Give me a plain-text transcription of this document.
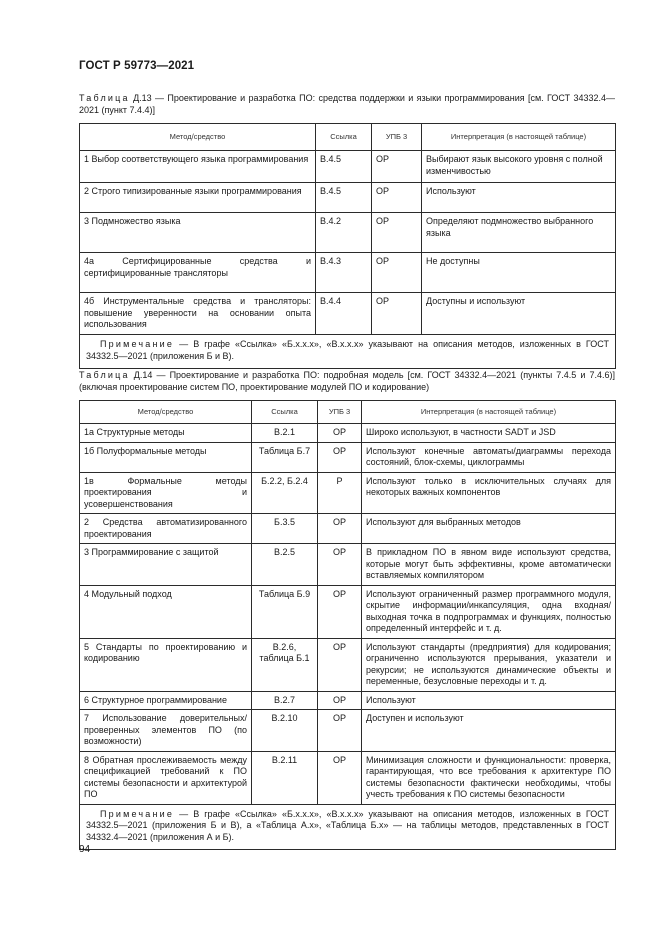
ГОСТ Р 59773—2021
Таблица Д.13 — Проектирование и разработка ПО: средства поддержки и языки программирования [см. ГОСТ 34332.4—2021 (пункт 7.4.4)]
Метод/средство	Ссылка	УПБ 3	Интерпретация (в настоящей таблице)
1 Выбор соответствующего языка программирования	В.4.5	ОР	Выбирают язык высокого уровня с полной изменчивостью
2 Строго типизированные языки программирования	В.4.5	ОР	Используют
3 Подмножество языка	В.4.2	ОР	Определяют подмножество выбранного языка
4а Сертифицированные средства и сертифицированные трансляторы	В.4.3	ОР	Не доступны
4б Инструментальные средства и трансляторы: повышение уверенности на основании опыта использования	В.4.4	ОР	Доступны и используют
Примечание — В графе «Ссылка» «Б.х.х.х», «В.х.х.х» указывают на описания методов, изложенных в ГОСТ 34332.5—2021 (приложения Б и В).			
Таблица Д.14 — Проектирование и разработка ПО: подробная модель [см. ГОСТ 34332.4—2021 (пункты 7.4.5 и 7.4.6)] (включая проектирование систем ПО, проектирование модулей ПО и кодирование)
Метод/средство	Ссылка	УПБ 3	Интерпретация (в настоящей таблице)
1а Структурные методы	В.2.1	ОР	Широко используют, в частности SADT и JSD
1б Полуформальные методы	Таблица Б.7	ОР	Используют конечные автоматы/диаграммы перехода состояний, блок-схемы, циклограммы
1в Формальные методы проектирования и усовершенствования	Б.2.2, Б.2.4	Р	Используют только в исключительных случаях для некоторых важных компонентов
2 Средства автоматизированного проектирования	Б.3.5	ОР	Используют для выбранных методов
3 Программирование с защитой	В.2.5	ОР	В прикладном ПО в явном виде используют средства, которые могут быть эффективны, кроме автоматически вставляемых компилятором
4 Модульный подход	Таблица Б.9	ОР	Используют ограниченный размер программного модуля, скрытие информации/инкапсуляция, одна входная/выходная точка в подпрограммах и функциях, полностью определенный интерфейс и т. д.
5 Стандарты по проектированию и кодированию	В.2.6, таблица Б.1	ОР	Используют стандарты (предприятия) для кодирования; ограниченно используются прерывания, указатели и рекурсии; не используются динамические объекты и переменные, безусловные переходы и т. д.
6 Структурное программирование	В.2.7	ОР	Используют
7 Использование доверительных/проверенных элементов ПО (по возможности)	В.2.10	ОР	Доступен и используют
8 Обратная прослеживаемость между спецификацией требований к ПО системы безопасности и архитектурой ПО	В.2.11	ОР	Минимизация сложности и функциональности: проверка, гарантирующая, что все требования к архитектуре ПО системы безопасности фактически необходимы, чтобы учесть требования к ПО системы безопасности
Примечание — В графе «Ссылка» «Б.х.х.х», «В.х.х.х» указывают на описания методов, изложенных в ГОСТ 34332.5—2021 (приложения Б и В), а «Таблица А.х», «Таблица Б.х» — на таблицы методов, представленных в ГОСТ 34332.4—2021 (приложения А и Б).			
94
